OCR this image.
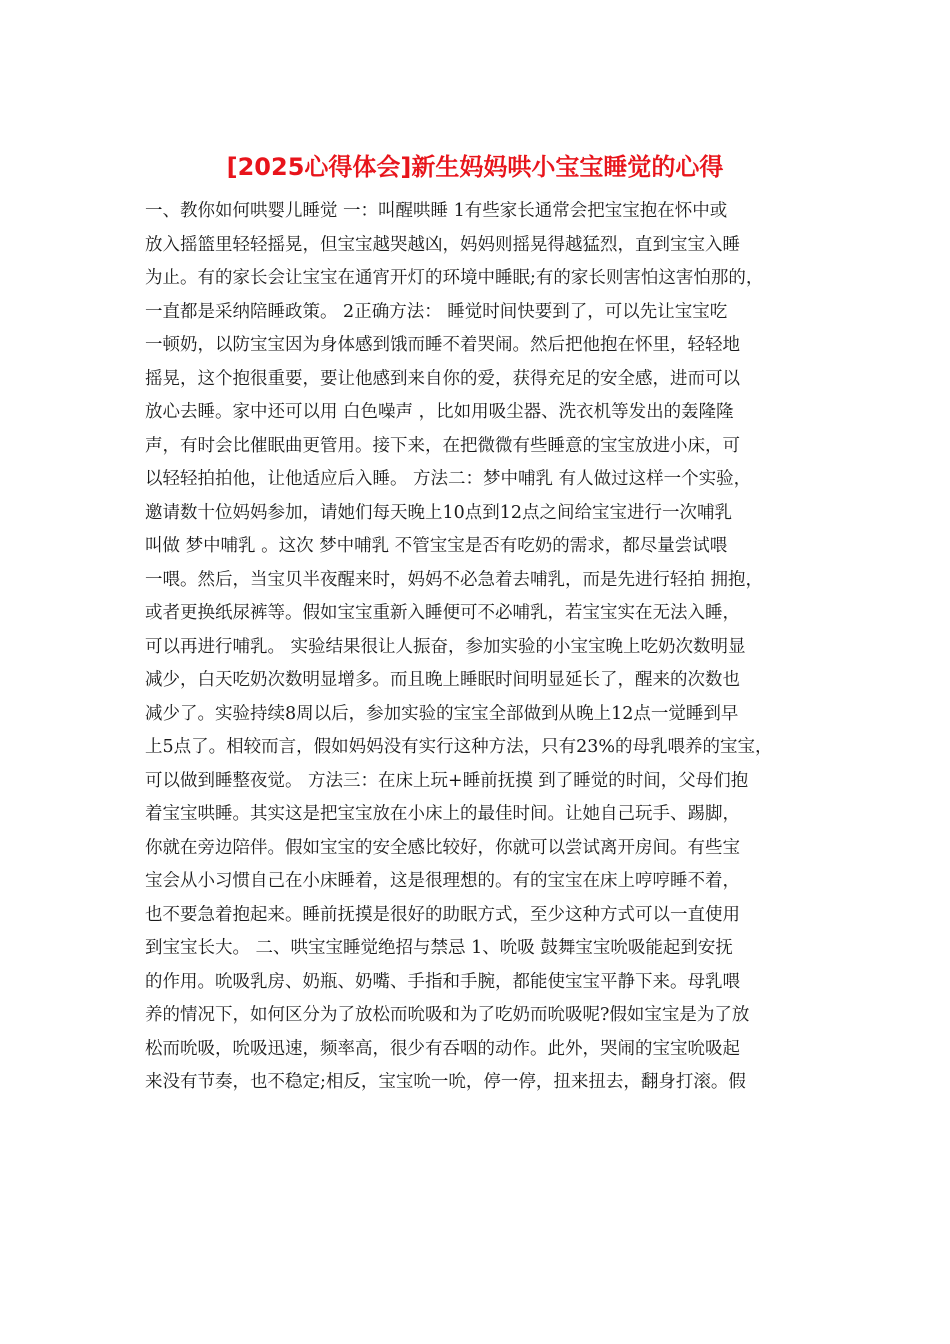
[2025心得体会]新生妈妈哄小宝宝睡觉的心得
一、教你如何哄婴儿睡觉 一：叫醒哄睡 1有些家长通常会把宝宝抱在怀中或
放入摇篮里轻轻摇晃，但宝宝越哭越凶，妈妈则摇晃得越猛烈，直到宝宝入睡
为止。有的家长会让宝宝在通宵开灯的环境中睡眠;有的家长则害怕这害怕那的，
一直都是采纳陪睡政策。 2正确方法： 睡觉时间快要到了，可以先让宝宝吃
一顿奶，以防宝宝因为身体感到饿而睡不着哭闹。然后把他抱在怀里，轻轻地
摇晃，这个抱很重要，要让他感到来自你的爱，获得充足的安全感，进而可以
放心去睡。家中还可以用 白色噪声 ，比如用吸尘器、洗衣机等发出的轰隆隆
声，有时会比催眠曲更管用。接下来，在把微微有些睡意的宝宝放进小床，可
以轻轻拍拍他，让他适应后入睡。 方法二：梦中哺乳 有人做过这样一个实验，
邀请数十位妈妈参加，请她们每天晚上10点到12点之间给宝宝进行一次哺乳
叫做 梦中哺乳 。这次 梦中哺乳 不管宝宝是否有吃奶的需求，都尽量尝试喂
一喂。然后，当宝贝半夜醒来时，妈妈不必急着去哺乳，而是先进行轻拍 拥抱，
或者更换纸尿裤等。假如宝宝重新入睡便可不必哺乳，若宝宝实在无法入睡，
可以再进行哺乳。 实验结果很让人振奋，参加实验的小宝宝晚上吃奶次数明显
减少，白天吃奶次数明显增多。而且晚上睡眠时间明显延长了，醒来的次数也
减少了。实验持续8周以后，参加实验的宝宝全部做到从晚上12点一觉睡到早
上5点了。相较而言，假如妈妈没有实行这种方法，只有23%的母乳喂养的宝宝，
可以做到睡整夜觉。 方法三：在床上玩+睡前抚摸 到了睡觉的时间，父母们抱
着宝宝哄睡。其实这是把宝宝放在小床上的最佳时间。让她自己玩手、踢脚，
你就在旁边陪伴。假如宝宝的安全感比较好，你就可以尝试离开房间。有些宝
宝会从小习惯自己在小床睡着，这是很理想的。有的宝宝在床上哼哼睡不着，
也不要急着抱起来。睡前抚摸是很好的助眠方式，至少这种方式可以一直使用
到宝宝长大。 二、哄宝宝睡觉绝招与禁忌 1、吮吸 鼓舞宝宝吮吸能起到安抚
的作用。吮吸乳房、奶瓶、奶嘴、手指和手腕，都能使宝宝平静下来。母乳喂
养的情况下，如何区分为了放松而吮吸和为了吃奶而吮吸呢?假如宝宝是为了放
松而吮吸，吮吸迅速，频率高，很少有吞咽的动作。此外，哭闹的宝宝吮吸起
来没有节奏，也不稳定;相反，宝宝吮一吮，停一停，扭来扭去，翻身打滚。假
